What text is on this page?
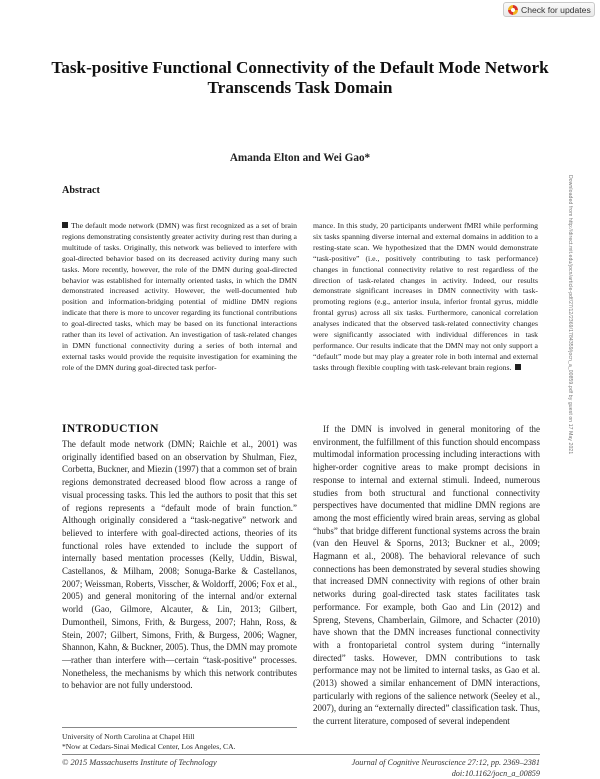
Check for updates
Task-positive Functional Connectivity of the Default Mode Network Transcends Task Domain
Amanda Elton and Wei Gao*
Abstract

The default mode network (DMN) was first recognized as a set of brain regions demonstrating consistently greater activity during rest than during a multitude of tasks. Originally, this network was believed to interfere with goal-directed behavior based on its decreased activity during many such tasks. More recently, however, the role of the DMN during goal-directed behavior was established for internally oriented tasks, in which the DMN demonstrated increased activity. However, the well-documented hub position and information-bridging potential of midline DMN regions indicate that there is more to uncover regarding its functional contributions to goal-directed tasks, which may be based on its functional interactions rather than its level of activation. An investigation of task-related changes in DMN functional connectivity during a series of both internal and external tasks would provide the requisite investigation for examining the role of the DMN during goal-directed task perfor-

mance. In this study, 20 participants underwent fMRI while performing six tasks spanning diverse internal and external domains in addition to a resting-state scan. We hypothesized that the DMN would demonstrate “task-positive” (i.e., positively contributing to task performance) changes in functional connectivity relative to rest regardless of the direction of task-related changes in activity. Indeed, our results demonstrate significant increases in DMN connectivity with task-promoting regions (e.g., anterior insula, inferior frontal gyrus, middle frontal gyrus) across all six tasks. Furthermore, canonical correlation analyses indicated that the observed task-related connectivity changes were significantly associated with individual differences in task performance. Our results indicate that the DMN may not only support a “default” mode but may play a greater role in both internal and external tasks through flexible coupling with task-relevant brain regions.

INTRODUCTION

The default mode network (DMN; Raichle et al., 2001) was originally identified based on an observation by Shulman, Fiez, Corbetta, Buckner, and Miezin (1997) that a common set of brain regions demonstrated decreased blood flow across a range of visual processing tasks. This led the authors to posit that this set of regions represents a “default mode of brain function.” Although originally considered a “task-negative” network and believed to interfere with goal-directed actions, theories of its functional roles have extended to include the support of internally based mentation processes (Kelly, Uddin, Biswal, Castellanos, & Milham, 2008; Sonuga-Barke & Castellanos, 2007; Weissman, Roberts, Visscher, & Woldorff, 2006; Fox et al., 2005) and general monitoring of the internal and/or external world (Gao, Gilmore, Alcauter, & Lin, 2013; Gilbert, Dumontheil, Simons, Frith, & Burgess, 2007; Hahn, Ross, & Stein, 2007; Gilbert, Simons, Frith, & Burgess, 2006; Wagner, Shannon, Kahn, & Buckner, 2005). Thus, the DMN may promote—rather than interfere with—certain “task-positive” processes. Nonetheless, the mechanisms by which this network contributes to behavior are not fully understood.

If the DMN is involved in general monitoring of the environment, the fulfillment of this function should encompass multimodal information processing including interactions with higher-order cognitive areas to make prompt decisions in response to internal and external stimuli. Indeed, numerous studies from both structural and functional connectivity perspectives have documented that midline DMN regions are among the most efficiently wired brain areas, serving as global “hubs” that bridge different functional systems across the brain (van den Heuvel & Sporns, 2013; Buckner et al., 2009; Hagmann et al., 2008). The behavioral relevance of such connections has been demonstrated by several studies showing that increased DMN connectivity with regions of other brain networks during goal-directed task states facilitates task performance. For example, both Gao and Lin (2012) and Spreng, Stevens, Chamberlain, Gilmore, and Schacter (2010) have shown that the DMN increases functional connectivity with a frontoparietal control system during “internally directed” tasks. However, DMN contributions to task performance may not be limited to internal tasks, as Gao et al. (2013) showed a similar enhancement of DMN interactions, particularly with regions of the salience network (Seeley et al., 2007), during an “externally directed” classification task. Thus, the current literature, composed of several independent

University of North Carolina at Chapel Hill
*Now at Cedars-Sinai Medical Center, Los Angeles, CA.
© 2015 Massachusetts Institute of Technology	Journal of Cognitive Neuroscience 27:12, pp. 2369–2381
doi:10.1162/jocn_a_00859
Downloaded from http://direct.mit.edu/jocn/article-pdf/27/12/2369/1784359/jocn_a_00859.pdf by guest on 17 May 2021
